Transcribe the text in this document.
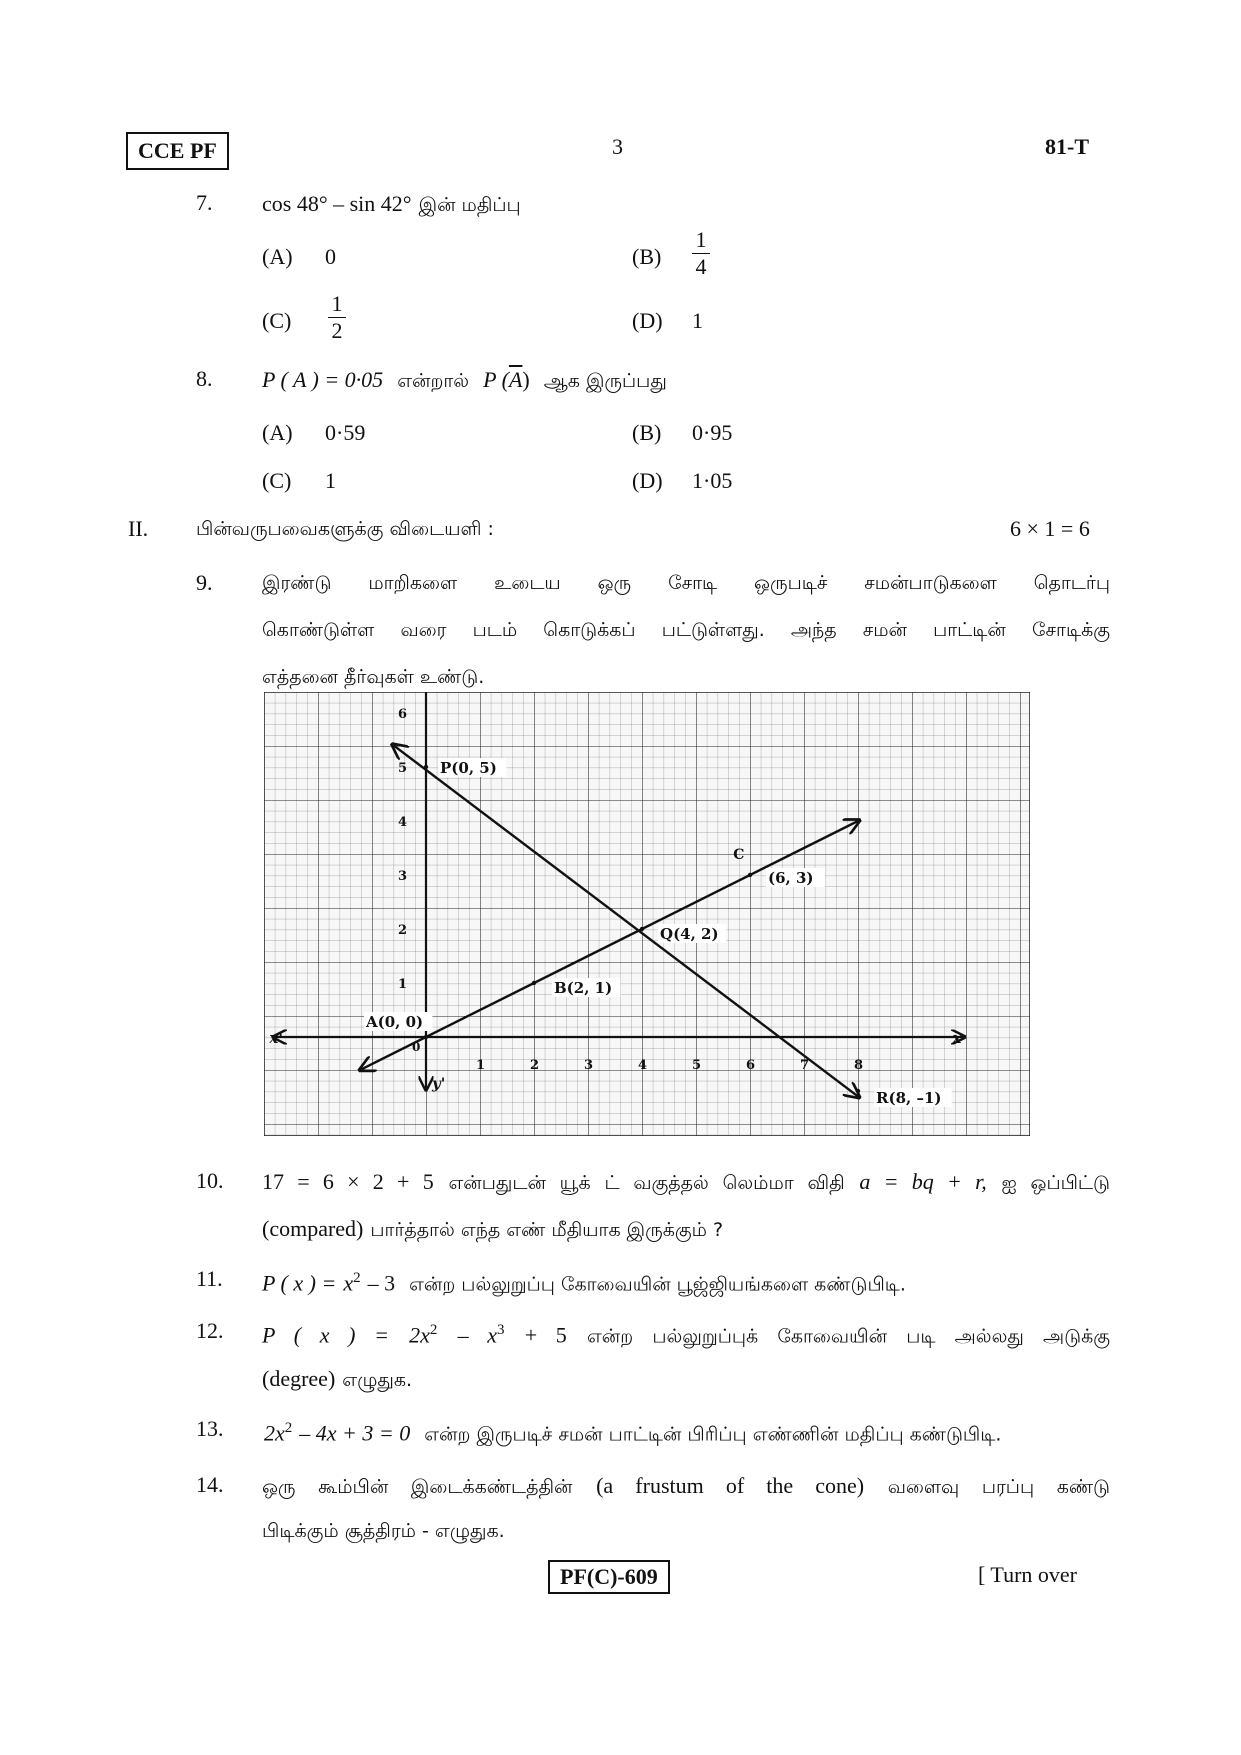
CCE PF	3	81-T
7. cos 48° – sin 42° இன் மதிப்பு
(A) 0	(B)
1
4
(C)
1
2	(D) 1
8. P ( A ) = 0·05 என்றால் P $(\overline{A})$ ஆக இருப்பது
(A) 0·59	(B) 0·95
(C) 1	(D) 1·05
II.	பின்வருபவைகளுக்கு விடையளி :	6 × 1 = 6
9.	இரண்டு மாறிகளை உடைய ஒரு சோடி ஒருபடிச் சமன்பாடுகளை தொடர்பு
கொண்டுள்ள வரை படம் கொடுக்கப் பட்டுள்ளது. அந்த சமன் பாட்டின் சோடிக்கு
எத்தனை தீர்வுகள் உண்டு.
x
x'
y'
0
1	2	3	4	5	6	7	8
1
2
3
4
5
6
P(0, 5)
Q(4, 2)
(6, 3)
B(2, 1)
A(0, 0)
R(8, –1)
C
10. 17 = 6 × 2 + 5 என்பதுடன் யூக் ட் வகுத்தல் லெம்மா விதி a = bq + r, ஐ ஒப்பிட்டு
(compared) பார்த்தால் எந்த எண் மீதியாக இருக்கும் ?
11. P ( x ) = $x^2 - 3$ என்ற பல்லுறுப்பு கோவையின் பூஜ்ஜியங்களை கண்டுபிடி.
12. P ( x ) = $2x^2 - x^3 + 5$ என்ற பல்லுறுப்புக் கோவையின் படி அல்லது அடுக்கு
(degree) எழுதுக.
13. $2x^2 - 4x + 3 = 0$ என்ற இருபடிச் சமன் பாட்டின் பிரிப்பு எண்ணின் மதிப்பு கண்டுபிடி.
14. ஒரு கூம்பின் இடைக்கண்டத்தின் (a frustum of the cone) வளைவு பரப்பு கண்டு
பிடிக்கும் சூத்திரம் - எழுதுக.
PF(C)-609	[ Turn over
